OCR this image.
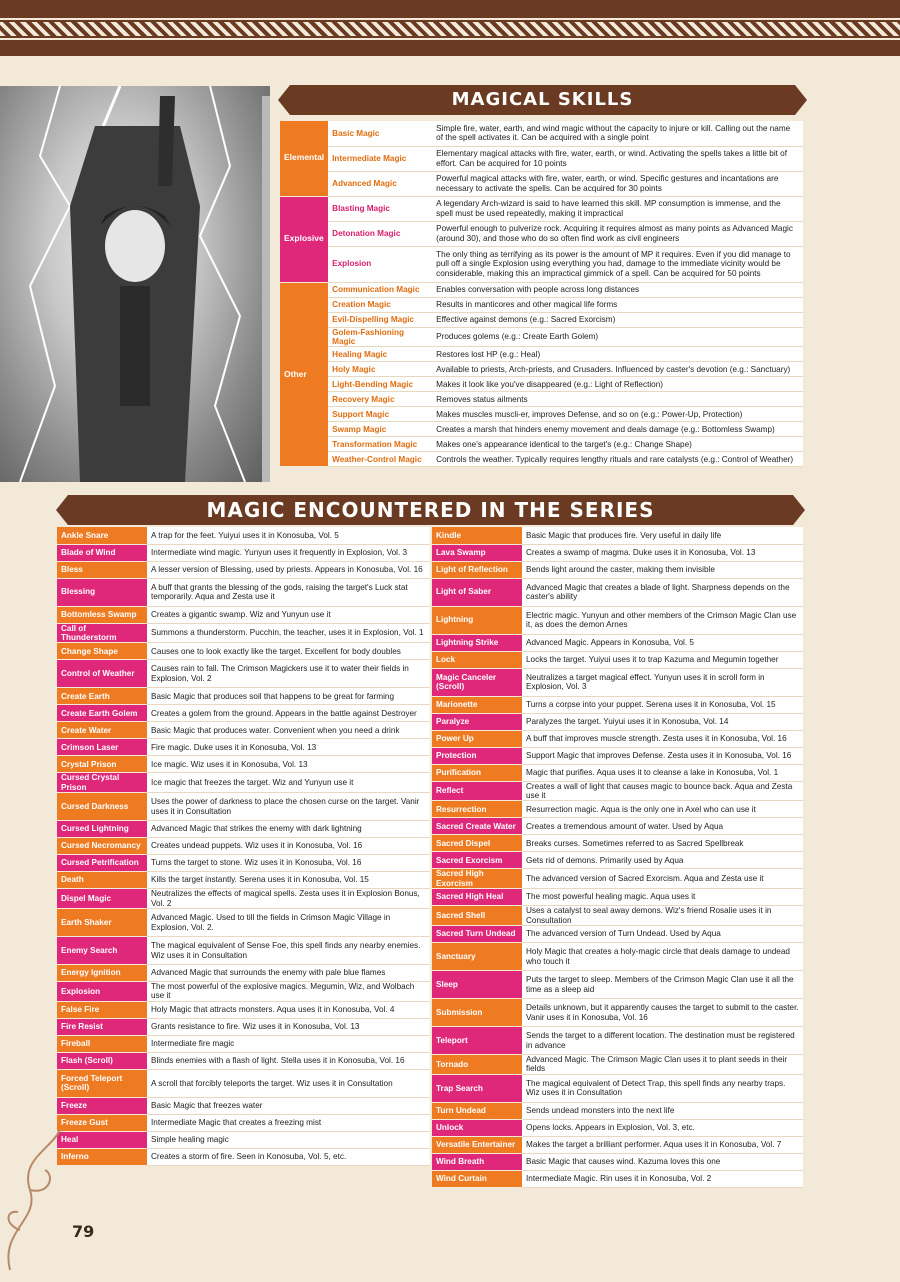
MAGICAL SKILLS
Elemental	Basic Magic	Simple fire, water, earth, and wind magic without the capacity to injure or kill. Calling out the name of the spell activates it. Can be acquired with a single point
	Intermediate Magic	Elementary magical attacks with fire, water, earth, or wind. Activating the spells takes a little bit of effort. Can be acquired for 10 points
	Advanced Magic	Powerful magical attacks with fire, water, earth, or wind. Specific gestures and incantations are necessary to activate the spells. Can be acquired for 30 points
Explosive	Blasting Magic	A legendary Arch-wizard is said to have learned this skill. MP consumption is immense, and the spell must be used repeatedly, making it impractical
	Detonation Magic	Powerful enough to pulverize rock. Acquiring it requires almost as many points as Advanced Magic (around 30), and those who do so often find work as civil engineers
	Explosion	The only thing as terrifying as its power is the amount of MP it requires. Even if you did manage to pull off a single Explosion using everything you had, damage to the immediate vicinity would be considerable, making this an impractical gimmick of a spell. Can be acquired for 50 points
Other	Communication Magic	Enables conversation with people across long distances
	Creation Magic	Results in manticores and other magical life forms
	Evil-Dispelling Magic	Effective against demons (e.g.: Sacred Exorcism)
	Golem-Fashioning Magic	Produces golems (e.g.: Create Earth Golem)
	Healing Magic	Restores lost HP (e.g.: Heal)
	Holy Magic	Available to priests, Arch-priests, and Crusaders. Influenced by caster's devotion (e.g.: Sanctuary)
	Light-Bending Magic	Makes it look like you've disappeared (e.g.: Light of Reflection)
	Recovery Magic	Removes status ailments
	Support Magic	Makes muscles muscli-er, improves Defense, and so on (e.g.: Power-Up, Protection)
	Swamp Magic	Creates a marsh that hinders enemy movement and deals damage (e.g.: Bottomless Swamp)
	Transformation Magic	Makes one's appearance identical to the target's (e.g.: Change Shape)
	Weather-Control Magic	Controls the weather. Typically requires lengthy rituals and rare catalysts (e.g.: Control of Weather)
MAGIC ENCOUNTERED IN THE SERIES
Ankle Snare	A trap for the feet. Yuiyui uses it in Konosuba, Vol. 5
Blade of Wind	Intermediate wind magic. Yunyun uses it frequently in Explosion, Vol. 3
Bless	A lesser version of Blessing, used by priests. Appears in Konosuba, Vol. 16
Blessing	A buff that grants the blessing of the gods, raising the target's Luck stat temporarily. Aqua and Zesta use it
Bottomless Swamp	Creates a gigantic swamp. Wiz and Yunyun use it
Call of Thunderstorm	Summons a thunderstorm. Pucchin, the teacher, uses it in Explosion, Vol. 1
Change Shape	Causes one to look exactly like the target. Excellent for body doubles
Control of Weather	Causes rain to fall. The Crimson Magickers use it to water their fields in Explosion, Vol. 2
Create Earth	Basic Magic that produces soil that happens to be great for farming
Create Earth Golem	Creates a golem from the ground. Appears in the battle against Destroyer
Create Water	Basic Magic that produces water. Convenient when you need a drink
Crimson Laser	Fire magic. Duke uses it in Konosuba, Vol. 13
Crystal Prison	Ice magic. Wiz uses it in Konosuba, Vol. 13
Cursed Crystal Prison	Ice magic that freezes the target. Wiz and Yunyun use it
Cursed Darkness	Uses the power of darkness to place the chosen curse on the target. Vanir uses it in Consultation
Cursed Lightning	Advanced Magic that strikes the enemy with dark lightning
Cursed Necromancy	Creates undead puppets. Wiz uses it in Konosuba, Vol. 16
Cursed Petrification	Turns the target to stone. Wiz uses it in Konosuba, Vol. 16
Death	Kills the target instantly. Serena uses it in Konosuba, Vol. 15
Dispel Magic	Neutralizes the effects of magical spells. Zesta uses it in Explosion Bonus, Vol. 2
Earth Shaker	Advanced Magic. Used to till the fields in Crimson Magic Village in Explosion, Vol. 2.
Enemy Search	The magical equivalent of Sense Foe, this spell finds any nearby enemies. Wiz uses it in Consultation
Energy Ignition	Advanced Magic that surrounds the enemy with pale blue flames
Explosion	The most powerful of the explosive magics. Megumin, Wiz, and Wolbach use it
False Fire	Holy Magic that attracts monsters. Aqua uses it in Konosuba, Vol. 4
Fire Resist	Grants resistance to fire. Wiz uses it in Konosuba, Vol. 13
Fireball	Intermediate fire magic
Flash (Scroll)	Blinds enemies with a flash of light. Stella uses it in Konosuba, Vol. 16
Forced Teleport (Scroll)	A scroll that forcibly teleports the target. Wiz uses it in Consultation
Freeze	Basic Magic that freezes water
Freeze Gust	Intermediate Magic that creates a freezing mist
Heal	Simple healing magic
Inferno	Creates a storm of fire. Seen in Konosuba, Vol. 5, etc.
Kindle	Basic Magic that produces fire. Very useful in daily life
Lava Swamp	Creates a swamp of magma. Duke uses it in Konosuba, Vol. 13
Light of Reflection	Bends light around the caster, making them invisible
Light of Saber	Advanced Magic that creates a blade of light. Sharpness depends on the caster's ability
Lightning	Electric magic. Yunyun and other members of the Crimson Magic Clan use it, as does the demon Arnes
Lightning Strike	Advanced Magic. Appears in Konosuba, Vol. 5
Lock	Locks the target. Yuiyui uses it to trap Kazuma and Megumin together
Magic Canceler (Scroll)	Neutralizes a target magical effect. Yunyun uses it in scroll form in Explosion, Vol. 3
Marionette	Turns a corpse into your puppet. Serena uses it in Konosuba, Vol. 15
Paralyze	Paralyzes the target. Yuiyui uses it in Konosuba, Vol. 14
Power Up	A buff that improves muscle strength. Zesta uses it in Konosuba, Vol. 16
Protection	Support Magic that improves Defense. Zesta uses it in Konosuba, Vol. 16
Purification	Magic that purifies. Aqua uses it to cleanse a lake in Konosuba, Vol. 1
Reflect	Creates a wall of light that causes magic to bounce back. Aqua and Zesta use it
Resurrection	Resurrection magic. Aqua is the only one in Axel who can use it
Sacred Create Water	Creates a tremendous amount of water. Used by Aqua
Sacred Dispel	Breaks curses. Sometimes referred to as Sacred Spellbreak
Sacred Exorcism	Gets rid of demons. Primarily used by Aqua
Sacred High Exorcism	The advanced version of Sacred Exorcism. Aqua and Zesta use it
Sacred High Heal	The most powerful healing magic. Aqua uses it
Sacred Shell	Uses a catalyst to seal away demons. Wiz's friend Rosalie uses it in Consultation
Sacred Turn Undead	The advanced version of Turn Undead. Used by Aqua
Sanctuary	Holy Magic that creates a holy-magic circle that deals damage to undead who touch it
Sleep	Puts the target to sleep. Members of the Crimson Magic Clan use it all the time as a sleep aid
Submission	Details unknown, but it apparently causes the target to submit to the caster. Vanir uses it in Konosuba, Vol. 16
Teleport	Sends the target to a different location. The destination must be registered in advance
Tornado	Advanced Magic. The Crimson Magic Clan uses it to plant seeds in their fields
Trap Search	The magical equivalent of Detect Trap, this spell finds any nearby traps. Wiz uses it in Consultation
Turn Undead	Sends undead monsters into the next life
Unlock	Opens locks. Appears in Explosion, Vol. 3, etc.
Versatile Entertainer	Makes the target a brilliant performer. Aqua uses it in Konosuba, Vol. 7
Wind Breath	Basic Magic that causes wind. Kazuma loves this one
Wind Curtain	Intermediate Magic. Rin uses it in Konosuba, Vol. 2
79
